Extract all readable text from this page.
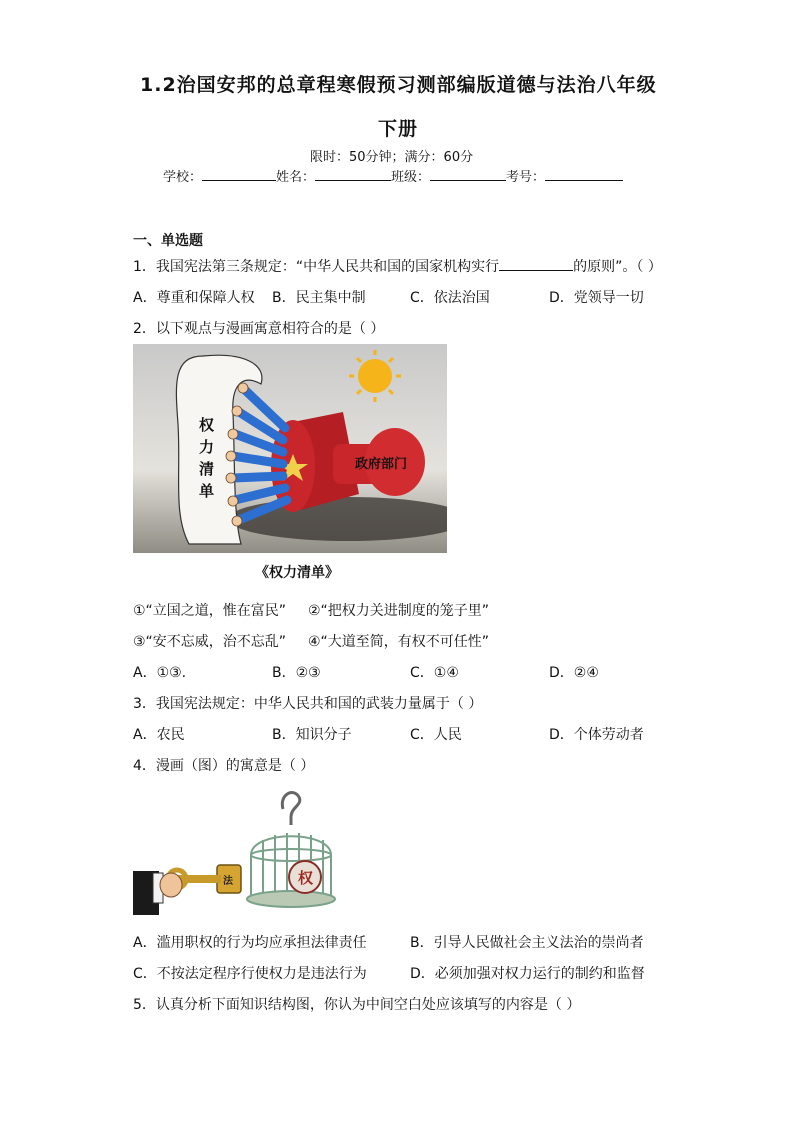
1.2治国安邦的总章程寒假预习测部编版道德与法治八年级
下册
限时：50分钟；满分：60分
学校：	姓名：	班级：	考号：
一、单选题
1．我国宪法第三条规定：“中华人民共和国的国家机构实行	的原则”。（ ）
A．尊重和保障人权 B．民主集中制	C．依法治国	D．党领导一切
2．以下观点与漫画寓意相符合的是（ ）
权
力
清
单
政府部门
《权力清单》
①“立国之道，惟在富民” ②“把权力关进制度的笼子里”
③“安不忘威，治不忘乱” ④“大道至简，有权不可任性”
A．①③.	B．②③	C．①④	D．②④
3．我国宪法规定：中华人民共和国的武装力量属于（ ）
A．农民	B．知识分子	C．人民	D．个体劳动者
4．漫画（图）的寓意是（ ）
权
法
A．滥用职权的行为均应承担法律责任	B．引导人民做社会主义法治的崇尚者
C．不按法定程序行使权力是违法行为	D．必须加强对权力运行的制约和监督
5．认真分析下面知识结构图，你认为中间空白处应该填写的内容是（ ）
